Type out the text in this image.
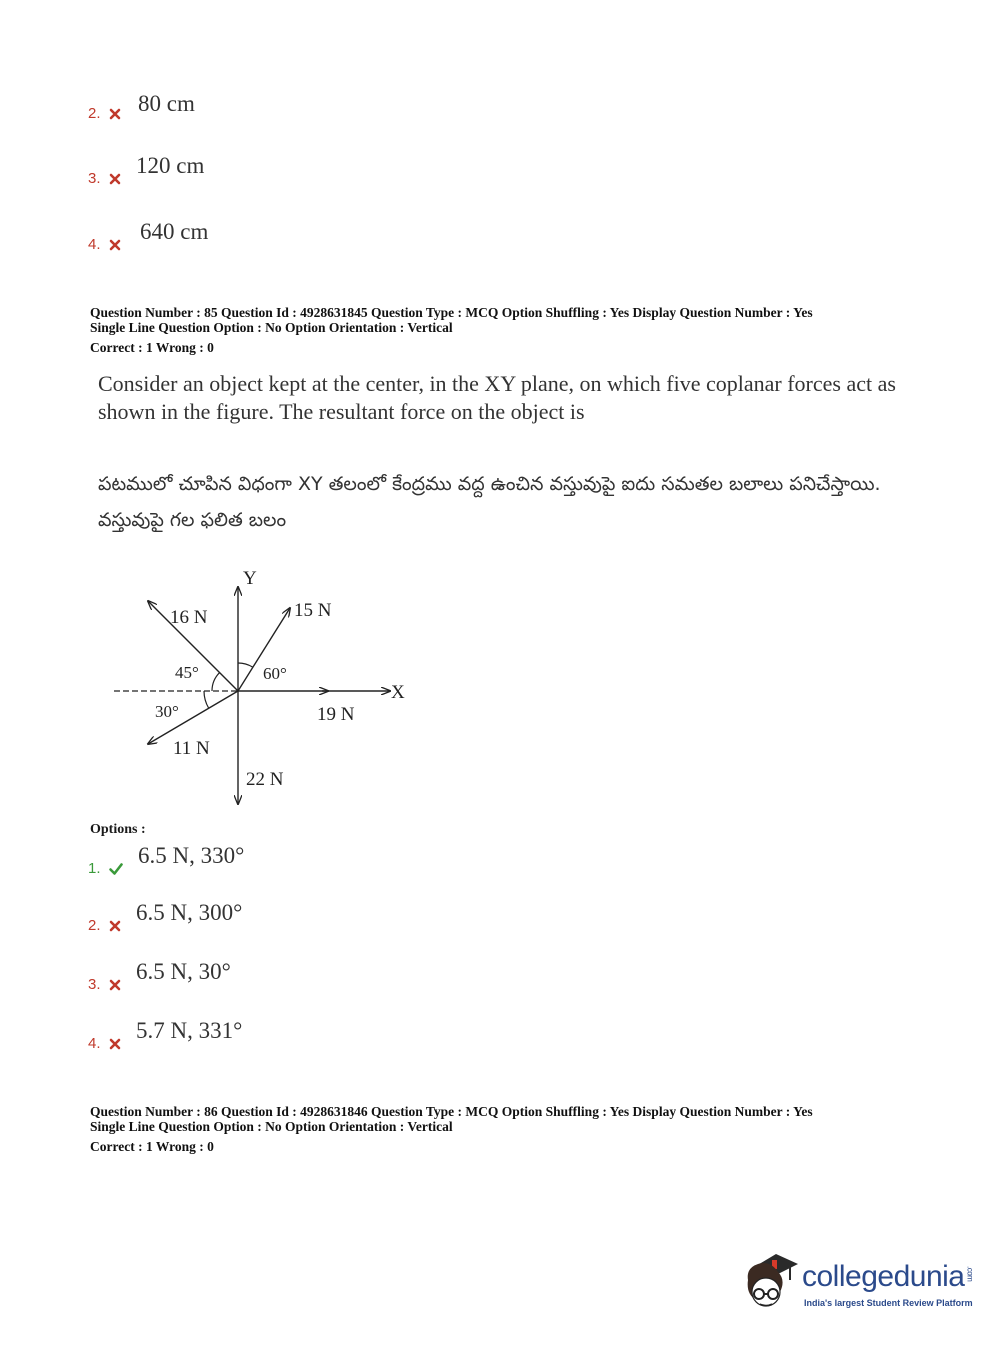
2. 80 cm
3.
120 cm
4.
640 cm
Question Number : 85 Question Id : 4928631845 Question Type : MCQ Option Shuffling : Yes Display Question Number : Yes
Single Line Question Option : No Option Orientation : Vertical
Correct : 1 Wrong : 0
Consider an object kept at the center, in the XY plane, on which five coplanar forces act as shown in the figure. The resultant force on the object is
పటములో చూపిన విధంగా XY తలంలో కేంద్రము వద్ద ఉంచిన వస్తువుపై ఐదు సమతల బలాలు పనిచేస్తాయి. వస్తువుపై గల ఫలిత బలం
Y
X
16 N	15 N
19 N
11 N
22 N
45°	60°
30°
Options :
1.
6.5 N, 330°
2.
6.5 N, 300°
3.
6.5 N, 30°
4.
5.7 N, 331°
Question Number : 86 Question Id : 4928631846 Question Type : MCQ Option Shuffling : Yes Display Question Number : Yes
Single Line Question Option : No Option Orientation : Vertical
Correct : 1 Wrong : 0
collegedunia .com
India's largest Student Review Platform
